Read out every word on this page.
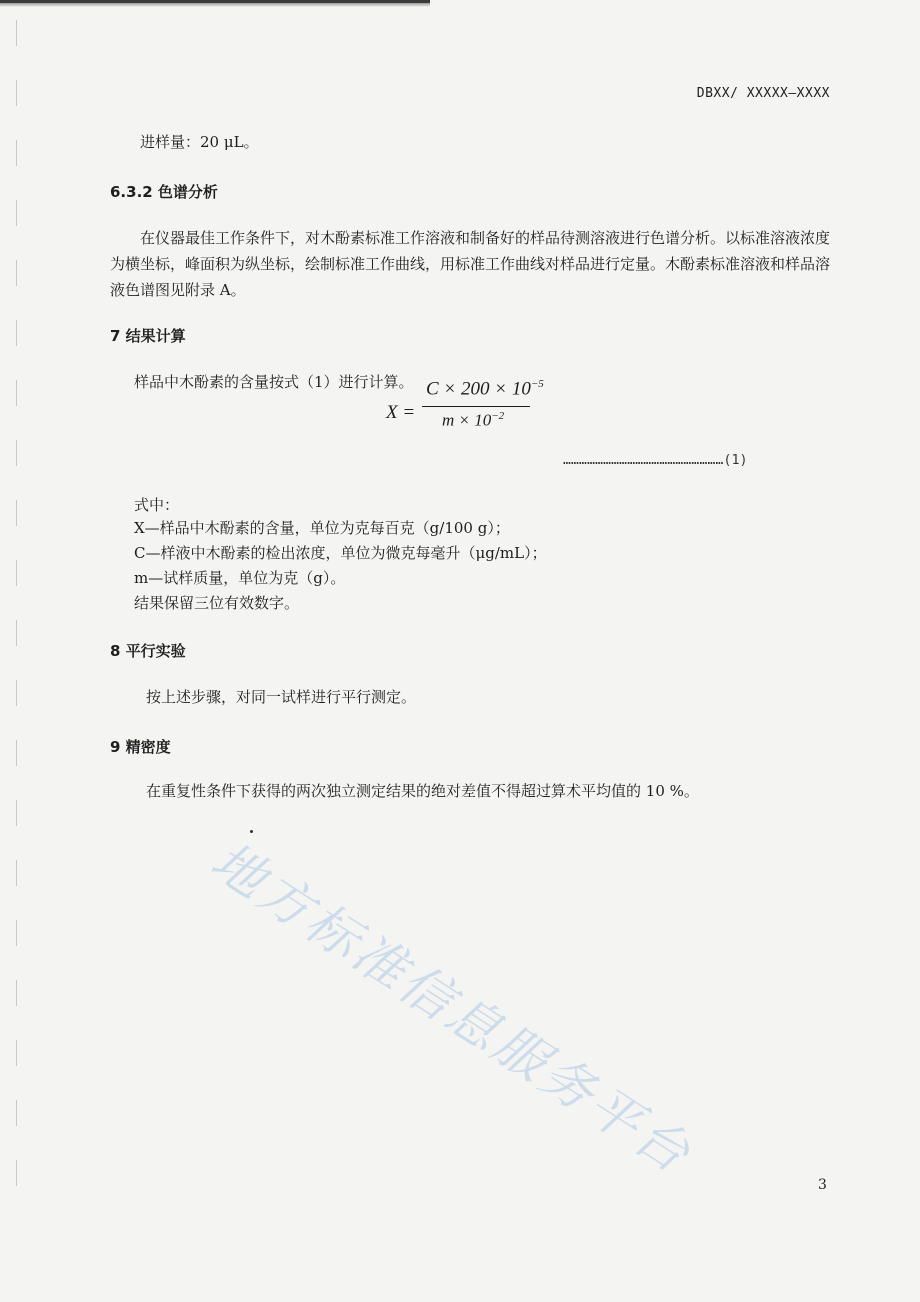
DBXX/ XXXXX—XXXX
进样量：20 μL。
6.3.2 色谱分析
在仪器最佳工作条件下，对木酚素标准工作溶液和制备好的样品待测溶液进行色谱分析。以标准溶液浓度为横坐标，峰面积为纵坐标，绘制标准工作曲线，用标准工作曲线对样品进行定量。木酚素标准溶液和样品溶液色谱图见附录 A。
7 结果计算
样品中木酚素的含量按式（1）进行计算。
X =
$C \times 200 \times 10^{-5}$
$m \times 10^{-2}$
……………………………………………………(1)
式中：
X—样品中木酚素的含量，单位为克每百克（g/100 g）；
C—样液中木酚素的检出浓度，单位为微克每毫升（μg/mL）；
m—试样质量，单位为克（g）。
结果保留三位有效数字。
8 平行实验
按上述步骤，对同一试样进行平行测定。
9 精密度
在重复性条件下获得的两次独立测定结果的绝对差值不得超过算术平均值的 10 %。
地方标准信息服务平台	3
